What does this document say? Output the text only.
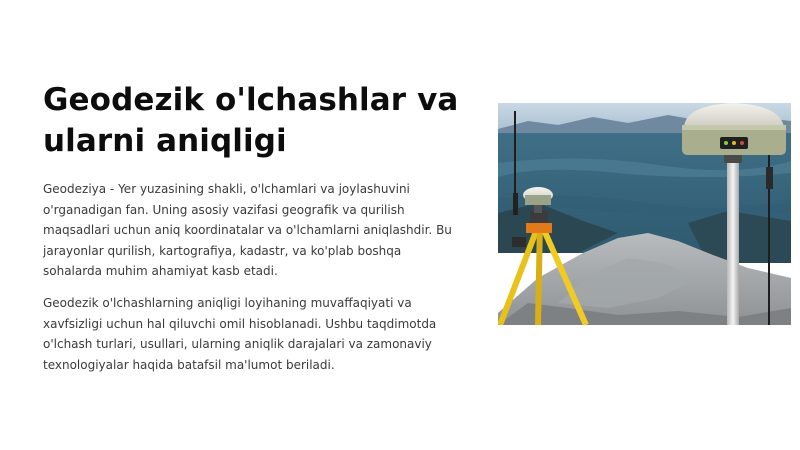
Geodezik o'lchashlar va ularni aniqligi

Geodeziya - Yer yuzasining shakli, o'lchamlari va joylashuvini o'rganadigan fan. Uning asosiy vazifasi geografik va qurilish maqsadlari uchun aniq koordinatalar va o'lchamlarni aniqlashdir. Bu jarayonlar qurilish, kartografiya, kadastr, va ko'plab boshqa sohalarda muhim ahamiyat kasb etadi.

Geodezik o'lchashlarning aniqligi loyihaning muvaffaqiyati va xavfsizligi uchun hal qiluvchi omil hisoblanadi. Ushbu taqdimotda o'lchash turlari, usullari, ularning aniqlik darajalari va zamonaviy texnologiyalar haqida batafsil ma'lumot beriladi.
